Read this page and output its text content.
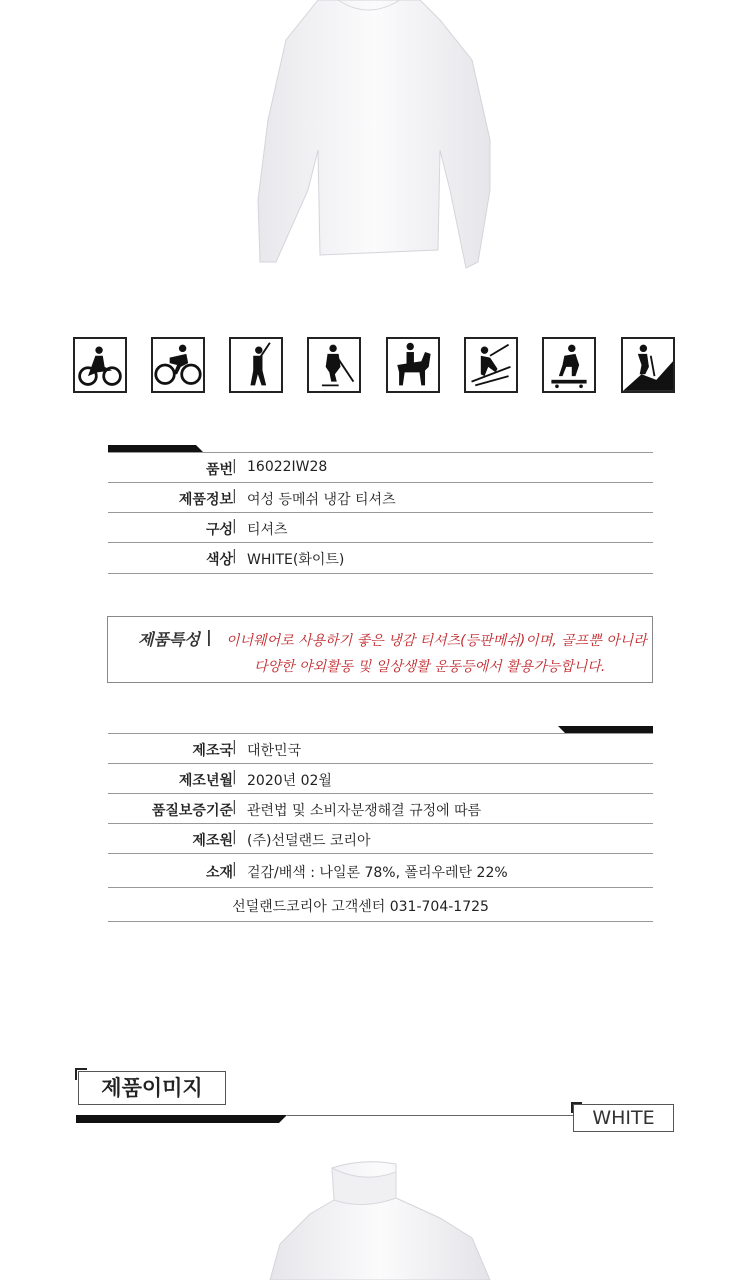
품번 | 16022IW28
제품정보 | 여성 등메쉬 냉감 티셔츠
구성 | 티셔츠
색상 | WHITE(화이트)
제품특성 | 이너웨어로 사용하기 좋은 냉감 티셔츠(등판메쉬)이며, 골프뿐 아니라
다양한 야외활동 및 일상생활 운동등에서 활용가능합니다.
제조국 | 대한민국
제조년월 | 2020년 02월
품질보증기준 | 관련법 및 소비자분쟁해결 규정에 따름
제조원 | (주)선덜랜드 코리아
소재 | 겉감/배색 : 나일론 78%, 폴리우레탄 22%
선덜랜드코리아 고객센터 031-704-1725
제품이미지
WHITE
